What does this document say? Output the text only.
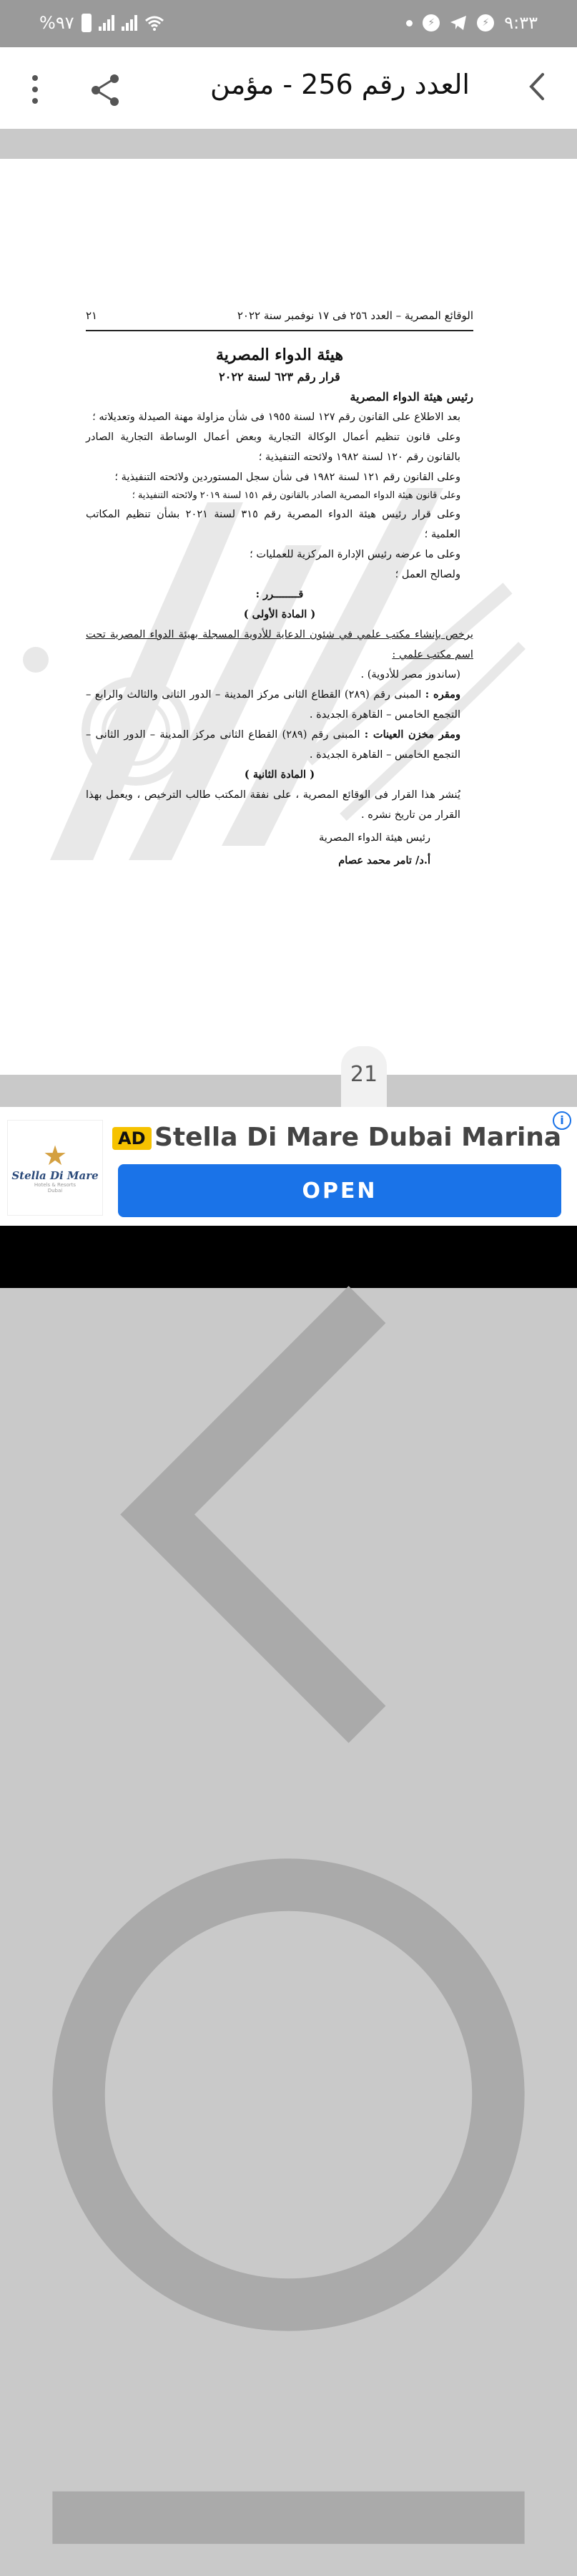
%٩٧	⚡	⚡ ٩:٣٣
العدد رقم 256 - مؤمن
الوقائع المصرية – العدد ٢٥٦ فى ١٧ نوفمبر سنة ٢٠٢٢
٢١
هيئة الدواء المصرية
قرار رقم ٦٢٣ لسنة ٢٠٢٢
رئيس هيئة الدواء المصرية

بعد الاطلاع على القانون رقم ١٢٧ لسنة ١٩٥٥ فى شأن مزاولة مهنة الصيدلة وتعديلاته ؛

وعلى قانون تنظيم أعمال الوكالة التجارية وبعض أعمال الوساطة التجارية الصادر بالقانون رقم ١٢٠ لسنة ١٩٨٢ ولائحته التنفيذية ؛

وعلى القانون رقم ١٢١ لسنة ١٩٨٢ فى شأن سجل المستوردين ولائحته التنفيذية ؛

وعلى قانون هيئة الدواء المصرية الصادر بالقانون رقم ١٥١ لسنة ٢٠١٩ ولائحته التنفيذية ؛

وعلى قرار رئيس هيئة الدواء المصرية رقم ٣١٥ لسنة ٢٠٢١ بشأن تنظيم المكاتب العلمية ؛

وعلى ما عرضه رئيس الإدارة المركزية للعمليات ؛

ولصالح العمل ؛

قــــــــرر :
( المادة الأولى )

يرخص بإنشاء مكتب علمي في شئون الدعاية للأدوية المسجلة بهيئة الدواء المصرية تحت اسم مكتب علمي :

(ساندوز مصر للأدوية) .

ومقره : المبنى رقم (٢٨٩) القطاع الثانى مركز المدينة – الدور الثانى والثالث والرابع – التجمع الخامس – القاهرة الجديدة .

ومقر مخزن العينات : المبنى رقم (٢٨٩) القطاع الثانى مركز المدينة – الدور الثانى – التجمع الخامس – القاهرة الجديدة .

( المادة الثانية )

يُنشر هذا القرار فى الوقائع المصرية ، على نفقة المكتب طالب الترخيص ، ويعمل بهذا القرار من تاريخ نشره .

رئيس هيئة الدواء المصرية
أ.د/ تامر محمد عصام
21
★
Stella Di Mare
Hotels & Resorts
Dubai
AD Stella Di Mare Dubai Marina
i
OPEN
